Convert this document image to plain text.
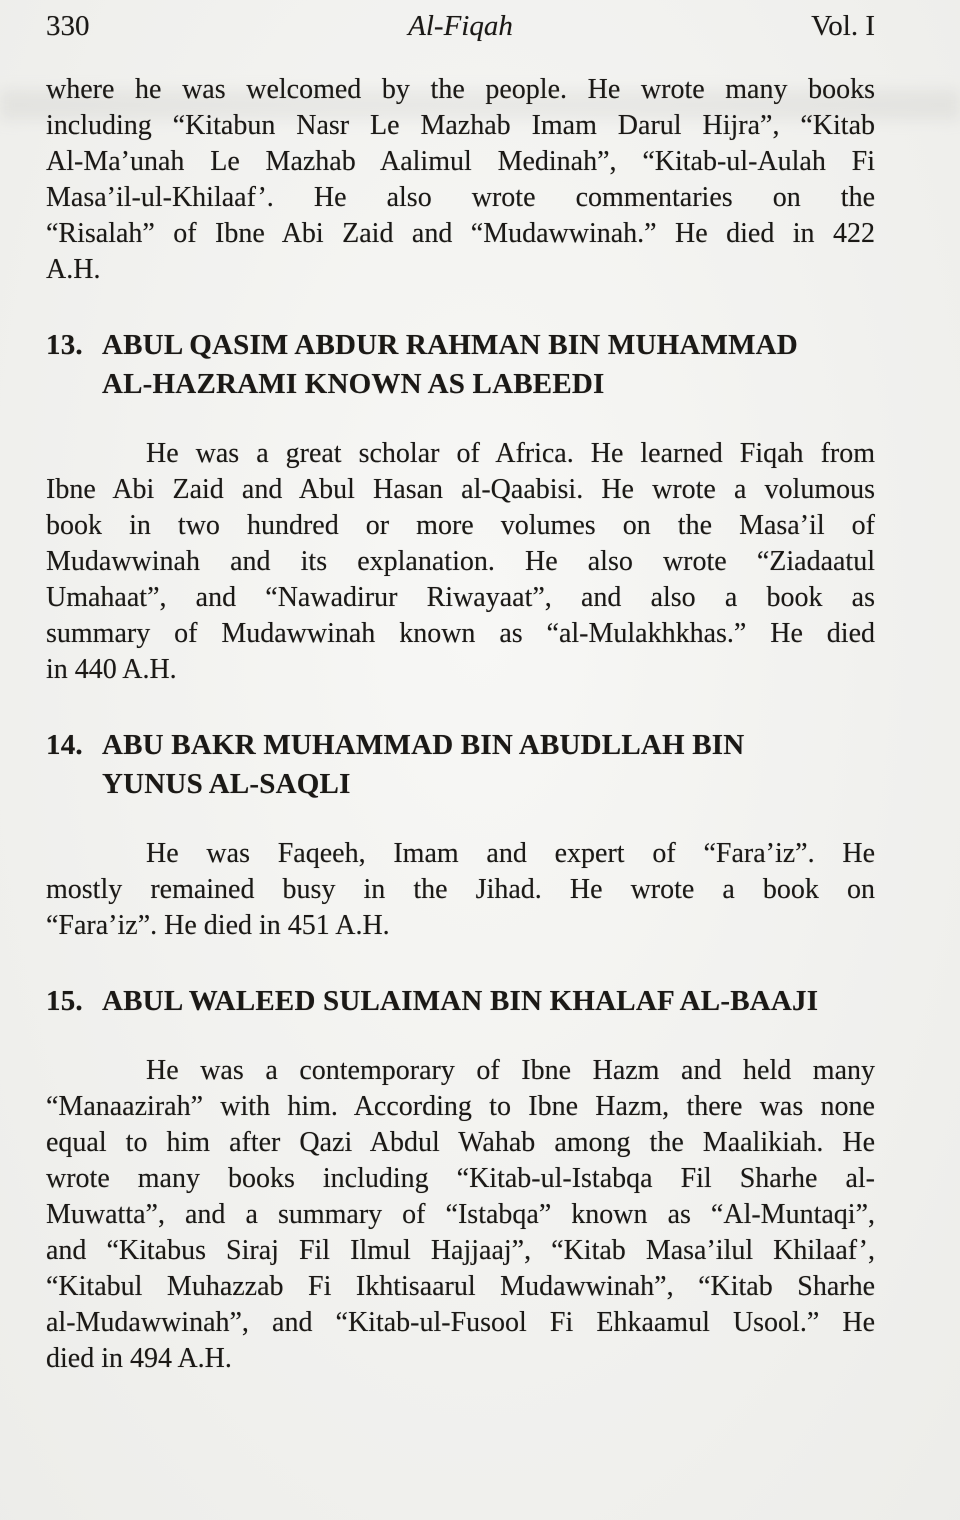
330	Al-Fiqah	Vol. I
where he was welcomed by the people. He wrote many books
including “Kitabun Nasr Le Mazhab Imam Darul Hijra”, “Kitab
Al-Ma’unah Le Mazhab Aalimul Medinah”, “Kitab-ul-Aulah Fi
Masa’il-ul-Khilaaf’. He also wrote commentaries on the
“Risalah” of Ibne Abi Zaid and “Mudawwinah.” He died in 422
A.H.
13. ABUL QASIM ABDUR RAHMAN BIN MUHAMMAD
AL-HAZRAMI KNOWN AS LABEEDI
He was a great scholar of Africa. He learned Fiqah from
Ibne Abi Zaid and Abul Hasan al-Qaabisi. He wrote a volumous
book in two hundred or more volumes on the Masa’il of
Mudawwinah and its explanation. He also wrote “Ziadaatul
Umahaat”, and “Nawadirur Riwayaat”, and also a book as
summary of Mudawwinah known as “al-Mulakhkhas.” He died
in 440 A.H.
14. ABU BAKR MUHAMMAD BIN ABUDLLAH BIN
YUNUS AL-SAQLI
He was Faqeeh, Imam and expert of “Fara’iz”. He
mostly remained busy in the Jihad. He wrote a book on
“Fara’iz”. He died in 451 A.H.
15. ABUL WALEED SULAIMAN BIN KHALAF AL-BAAJI
He was a contemporary of Ibne Hazm and held many
“Manaazirah” with him. According to Ibne Hazm, there was none
equal to him after Qazi Abdul Wahab among the Maalikiah. He
wrote many books including “Kitab-ul-Istabqa Fil Sharhe al-
Muwatta”, and a summary of “Istabqa” known as “Al-Muntaqi”,
and “Kitabus Siraj Fil Ilmul Hajjaaj”, “Kitab Masa’ilul Khilaaf’,
“Kitabul Muhazzab Fi Ikhtisaarul Mudawwinah”, “Kitab Sharhe
al-Mudawwinah”, and “Kitab-ul-Fusool Fi Ehkaamul Usool.” He
died in 494 A.H.
